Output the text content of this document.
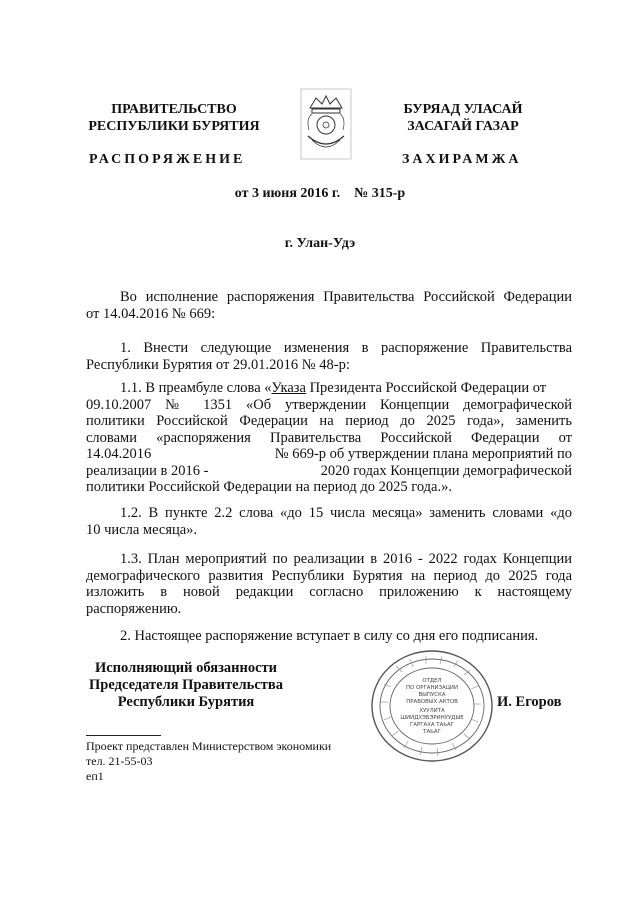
ПРАВИТЕЛЬСТВО
РЕСПУБЛИКИ БУРЯТИЯ
БУРЯАД УЛАСАЙ
ЗАСАГАЙ ГАЗАР
РАСПОРЯЖЕНИЕ	ЗАХИРАМЖА
от 3 июня 2016 г.    № 315-р
г. Улан-Удэ
Во исполнение распоряжения Правительства Российской Федерации
от 14.04.2016 № 669:
1. Внести следующие изменения в распоряжение Правительства
Республики Бурятия от 29.01.2016 № 48-р:
1.1. В преамбуле слова «Указа Президента Российской Федерации от
09.10.2007 № 1351 «Об утверждении Концепции демографической
политики Российской Федерации на период до 2025 года», заменить
словами «распоряжения Правительства Российской Федерации от
14.04.2016	№ 669-р об утверждении плана мероприятий по
реализации в 2016 -	2020 годах Концепции демографической
политики Российской Федерации на период до 2025 года.».
1.2. В пункте 2.2 слова «до 15 числа месяца» заменить словами «до
10 числа месяца».
1.3. План мероприятий по реализации в 2016 - 2022 годах Концепции
демографического развития Республики Бурятия на период до 2025 года
изложить в новой редакции согласно приложению к настоящему
распоряжению.
2. Настоящее распоряжение вступает в силу со дня его подписания.
Исполняющий обязанности
Председателя Правительства
Республики Бурятия	И. Егоров
ОТДЕЛ
ПО ОРГАНИЗАЦИИ
ВЫПУСКА
ПРАВОВЫХ АКТОВ
ХУУЛИТА
ШИИДХЭБЭРИНУУДЫЕ
ГАРГАХА ТАЬАГ
ТАЬАГ
Проект представлен Министерством экономики
тел. 21-55-03
еп1
